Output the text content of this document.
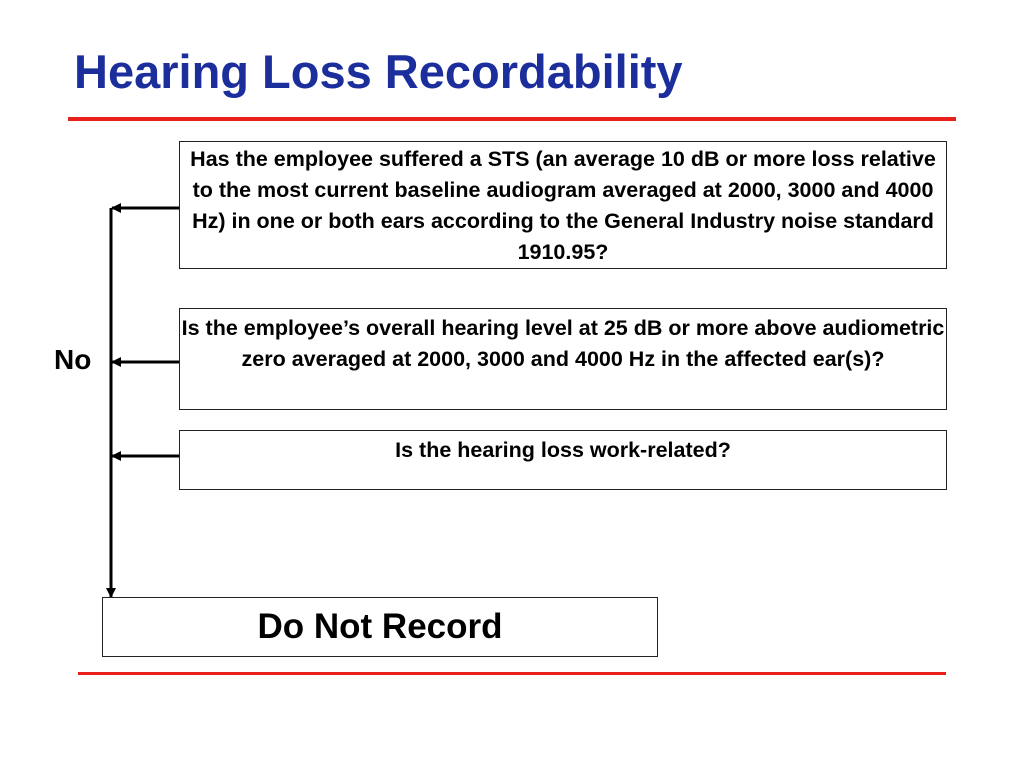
Hearing Loss Recordability
Has the employee suffered a STS (an average 10 dB or more loss relative to the most current baseline audiogram averaged at 2000, 3000 and 4000 Hz) in one or both ears according to the General Industry noise standard 1910.95?
Is the employee’s overall hearing level at 25 dB or more above audiometric zero averaged at 2000, 3000 and 4000 Hz in the affected ear(s)?
Is the hearing loss work-related?
No
Do Not Record
